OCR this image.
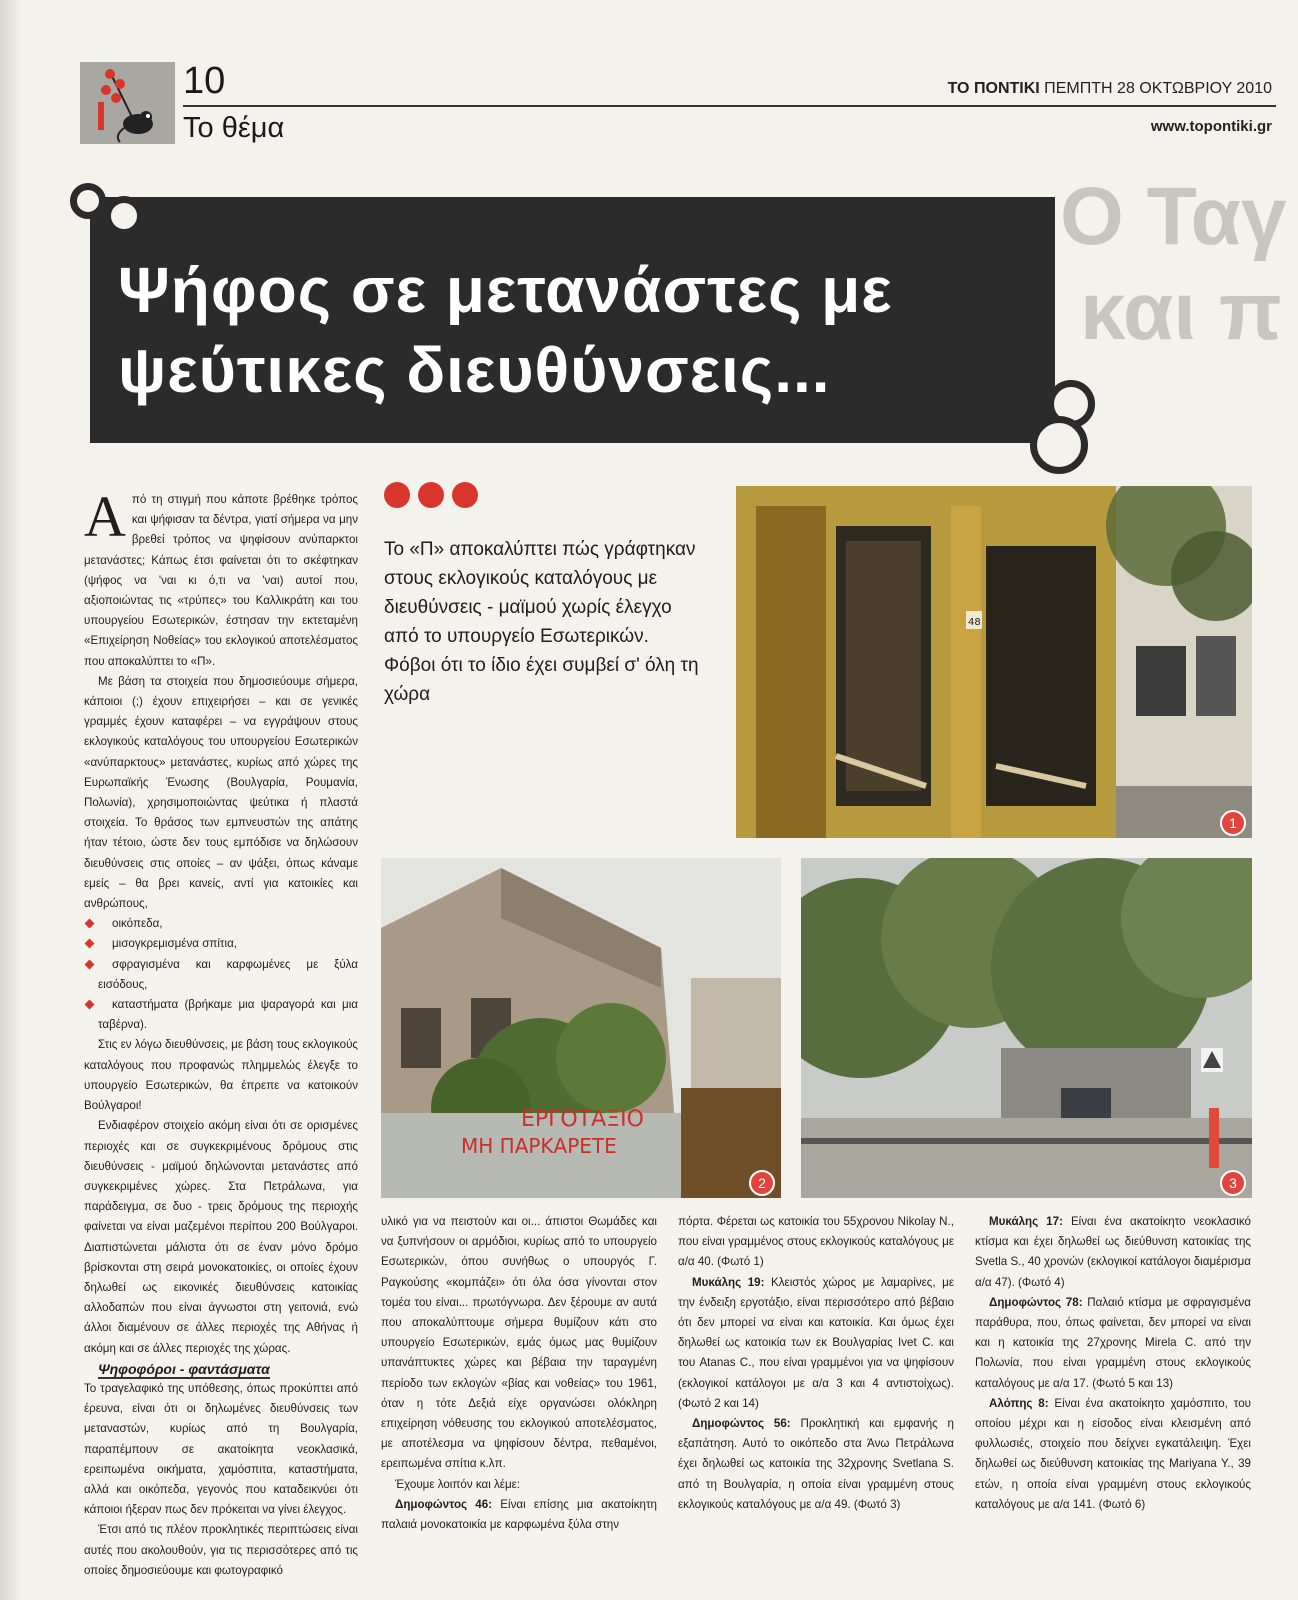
Ο Ταγ
και π
10
Το θέμα
ΤΟ ΠΟΝΤΙΚΙ ΠΕΜΠΤΗ 28 ΟΚΤΩΒΡΙΟΥ 2010
www.topontiki.gr
Ψήφος σε μετανάστες με
ψεύτικες διευθύνσεις...
Το «Π» αποκαλύπτει πώς γράφτηκαν στους εκλογικούς καταλόγους με διευθύνσεις - μαϊμού χωρίς έλεγχο από το υπουργείο Εσωτερικών. Φόβοι ότι το ίδιο έχει συμβεί σ' όλη τη χώρα
48
1
ΕΡΓΟΤΑΞΙΟ
ΜΗ ΠΑΡΚΑΡΕΤΕ
2	3

Από τη στιγμή που κάποτε βρέθηκε τρόπος και ψήφισαν τα δέντρα, γιατί σήμερα να μην βρεθεί τρόπος να ψηφίσουν ανύπαρκτοι μετανάστες; Κάπως έτσι φαίνεται ότι το σκέφτηκαν (ψήφος να 'ναι κι ό,τι να 'ναι) αυτοί που, αξιοποιώντας τις «τρύπες» του Καλλικράτη και του υπουργείου Εσωτερικών, έστησαν την εκτεταμένη «Επιχείρηση Νοθείας» του εκλογικού αποτελέσματος που αποκαλύπτει το «Π».

Με βάση τα στοιχεία που δημοσιεύουμε σήμερα, κάποιοι (;) έχουν επιχειρήσει – και σε γενικές γραμμές έχουν καταφέρει – να εγγράψουν στους εκλογικούς καταλόγους του υπουργείου Εσωτερικών «ανύπαρκτους» μετανάστες, κυρίως από χώρες της Ευρωπαϊκής Ένωσης (Βουλγαρία, Ρουμανία, Πολωνία), χρησιμοποιώντας ψεύτικα ή πλαστά στοιχεία. Το θράσος των εμπνευστών της απάτης ήταν τέτοιο, ώστε δεν τους εμπόδισε να δηλώσουν διευθύνσεις στις οποίες – αν ψάξει, όπως κάναμε εμείς – θα βρει κανείς, αντί για κατοικίες και ανθρώπους,

οικόπεδα,

μισογκρεμισμένα σπίτια,

σφραγισμένα και καρφωμένες με ξύλα εισόδους,

καταστήματα (βρήκαμε μια ψαραγορά και μια ταβέρνα).

Στις εν λόγω διευθύνσεις, με βάση τους εκλογικούς καταλόγους που προφανώς πλημμελώς έλεγξε το υπουργείο Εσωτερικών, θα έπρεπε να κατοικούν Βούλγαροι!

Ενδιαφέρον στοιχείο ακόμη είναι ότι σε ορισμένες περιοχές και σε συγκεκριμένους δρόμους στις διευθύνσεις - μαϊμού δηλώνονται μετανάστες από συγκεκριμένες χώρες. Στα Πετράλωνα, για παράδειγμα, σε δυο - τρεις δρόμους της περιοχής φαίνεται να είναι μαζεμένοι περίπου 200 Βούλγαροι. Διαπιστώνεται μάλιστα ότι σε έναν μόνο δρόμο βρίσκονται στη σειρά μονοκατοικίες, οι οποίες έχουν δηλωθεί ως εικονικές διευθύνσεις κατοικίας αλλοδαπών που είναι άγνωστοι στη γειτονιά, ενώ άλλοι διαμένουν σε άλλες περιοχές της Αθήνας ή ακόμη και σε άλλες περιοχές της χώρας.

Ψηφοφόροι - φαντάσματα

Το τραγελαφικό της υπόθεσης, όπως προκύπτει από έρευνα, είναι ότι οι δηλωμένες διευθύνσεις των μεταναστών, κυρίως από τη Βουλγαρία, παραπέμπουν σε ακατοίκητα νεοκλασικά, ερειπωμένα οικήματα, χαμόσπιτα, καταστήματα, αλλά και οικόπεδα, γεγονός που καταδεικνύει ότι κάποιοι ήξεραν πως δεν πρόκειται να γίνει έλεγχος.

Έτσι από τις πλέον προκλητικές περιπτώσεις είναι αυτές που ακολουθούν, για τις περισσότερες από τις οποίες δημοσιεύουμε και φωτογραφικό

υλικό για να πειστούν και οι... άπιστοι Θωμάδες και να ξυπνήσουν οι αρμόδιοι, κυρίως από το υπουργείο Εσωτερικών, όπου συνήθως ο υπουργός Γ. Ραγκούσης «κομπάζει» ότι όλα όσα γίνονται στον τομέα του είναι... πρωτόγνωρα. Δεν ξέρουμε αν αυτά που αποκαλύπτουμε σήμερα θυμίζουν κάτι στο υπουργείο Εσωτερικών, εμάς όμως μας θυμίζουν υπανάπτυκτες χώρες και βέβαια την ταραγμένη περίοδο των εκλογών «βίας και νοθείας» του 1961, όταν η τότε Δεξιά είχε οργανώσει ολόκληρη επιχείρηση νόθευσης του εκλογικού αποτελέσματος, με αποτέλεσμα να ψηφίσουν δέντρα, πεθαμένοι, ερειπωμένα σπίτια κ.λπ.

Έχουμε λοιπόν και λέμε:

Δημοφώντος 46: Είναι επίσης μια ακατοίκητη παλαιά μονοκατοικία με καρφωμένα ξύλα στην

πόρτα. Φέρεται ως κατοικία του 55χρονου Nikolay N., που είναι γραμμένος στους εκλογικούς καταλόγους με α/α 40. (Φωτό 1)

Μυκάλης 19: Κλειστός χώρος με λαμαρίνες, με την ένδειξη εργοτάξιο, είναι περισσότερο από βέβαιο ότι δεν μπορεί να είναι και κατοικία. Και όμως έχει δηλωθεί ως κατοικία των εκ Βουλγαρίας Ivet C. και του Atanas C., που είναι γραμμένοι για να ψηφίσουν (εκλογικοί κατάλογοι με α/α 3 και 4 αντιστοίχως). (Φωτό 2 και 14)

Δημοφώντος 56: Προκλητική και εμφανής η εξαπάτηση. Αυτό το οικόπεδο στα Άνω Πετράλωνα έχει δηλωθεί ως κατοικία της 32χρονης Svetlana S. από τη Βουλγαρία, η οποία είναι γραμμένη στους εκλογικούς καταλόγους με α/α 49. (Φωτό 3)

Μυκάλης 17: Είναι ένα ακατοίκητο νεοκλασικό κτίσμα και έχει δηλωθεί ως διεύθυνση κατοικίας της Svetla S., 40 χρονών (εκλογικοί κατάλογοι διαμέρισμα α/α 47). (Φωτό 4)

Δημοφώντος 78: Παλαιό κτίσμα με σφραγισμένα παράθυρα, που, όπως φαίνεται, δεν μπορεί να είναι και η κατοικία της 27χρονης Mirela C. από την Πολωνία, που είναι γραμμένη στους εκλογικούς καταλόγους με α/α 17. (Φωτό 5 και 13)

Αλόπης 8: Είναι ένα ακατοίκητο χαμόσπιτο, του οποίου μέχρι και η είσοδος είναι κλεισμένη από φυλλωσιές, στοιχείο που δείχνει εγκατάλειψη. Έχει δηλωθεί ως διεύθυνση κατοικίας της Mariyana Y., 39 ετών, η οποία είναι γραμμένη στους εκλογικούς καταλόγους με α/α 141. (Φωτό 6)
